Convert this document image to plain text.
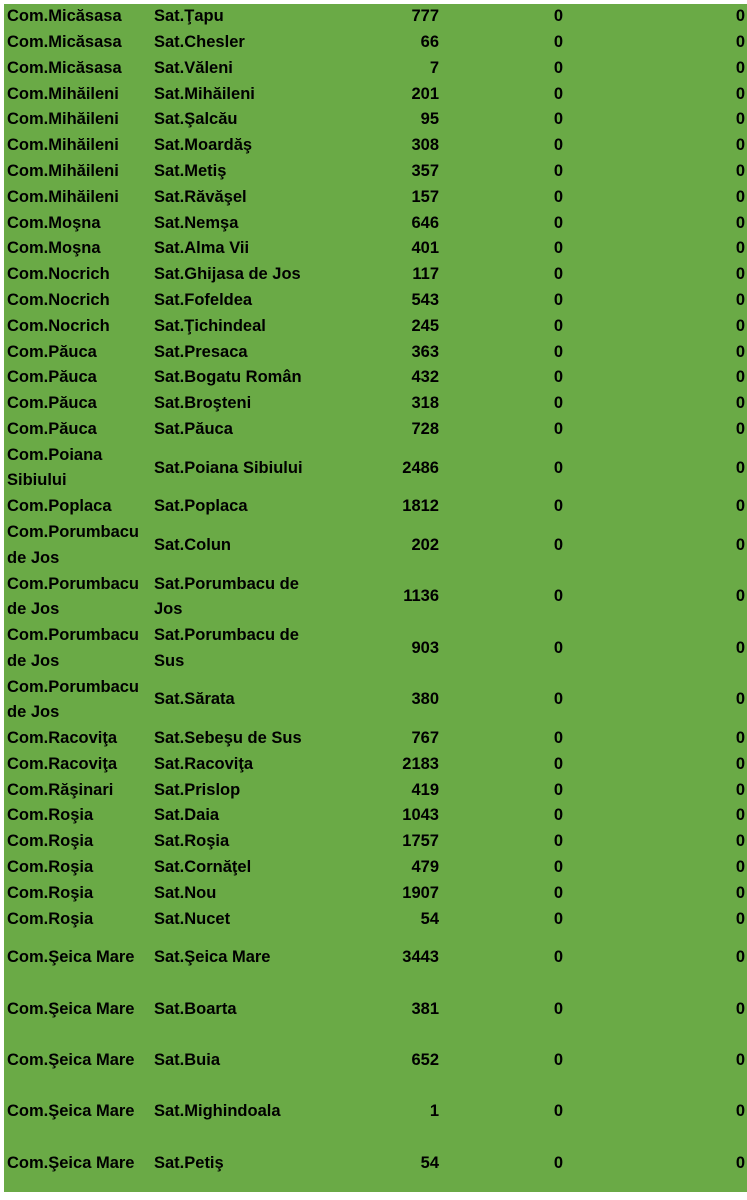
Com.Micăsasa	Sat.Ţapu	777	0	0
Com.Micăsasa	Sat.Chesler	66	0	0
Com.Micăsasa	Sat.Văleni	7	0	0
Com.Mihăileni	Sat.Mihăileni	201	0	0
Com.Mihăileni	Sat.Şalcău	95	0	0
Com.Mihăileni	Sat.Moardăş	308	0	0
Com.Mihăileni	Sat.Metiş	357	0	0
Com.Mihăileni	Sat.Răvăşel	157	0	0
Com.Moşna	Sat.Nemşa	646	0	0
Com.Moşna	Sat.Alma Vii	401	0	0
Com.Nocrich	Sat.Ghijasa de Jos	117	0	0
Com.Nocrich	Sat.Fofeldea	543	0	0
Com.Nocrich	Sat.Ţichindeal	245	0	0
Com.Păuca	Sat.Presaca	363	0	0
Com.Păuca	Sat.Bogatu Român	432	0	0
Com.Păuca	Sat.Broşteni	318	0	0
Com.Păuca	Sat.Păuca	728	0	0
Com.Poiana Sibiului	Sat.Poiana Sibiului	2486	0	0
Com.Poplaca	Sat.Poplaca	1812	0	0
Com.Porumbacu de Jos	Sat.Colun	202	0	0
Com.Porumbacu de Jos	Sat.Porumbacu de Jos	1136	0	0
Com.Porumbacu de Jos	Sat.Porumbacu de Sus	903	0	0
Com.Porumbacu de Jos	Sat.Sărata	380	0	0
Com.Racoviţa	Sat.Sebeşu de Sus	767	0	0
Com.Racoviţa	Sat.Racoviţa	2183	0	0
Com.Răşinari	Sat.Prislop	419	0	0
Com.Roşia	Sat.Daia	1043	0	0
Com.Roşia	Sat.Roşia	1757	0	0
Com.Roşia	Sat.Cornăţel	479	0	0
Com.Roşia	Sat.Nou	1907	0	0
Com.Roşia	Sat.Nucet	54	0	0
Com.Şeica Mare	Sat.Şeica Mare	3443	0	0
Com.Şeica Mare	Sat.Boarta	381	0	0
Com.Şeica Mare	Sat.Buia	652	0	0
Com.Şeica Mare	Sat.Mighindoala	1	0	0
Com.Şeica Mare	Sat.Petiş	54	0	0
